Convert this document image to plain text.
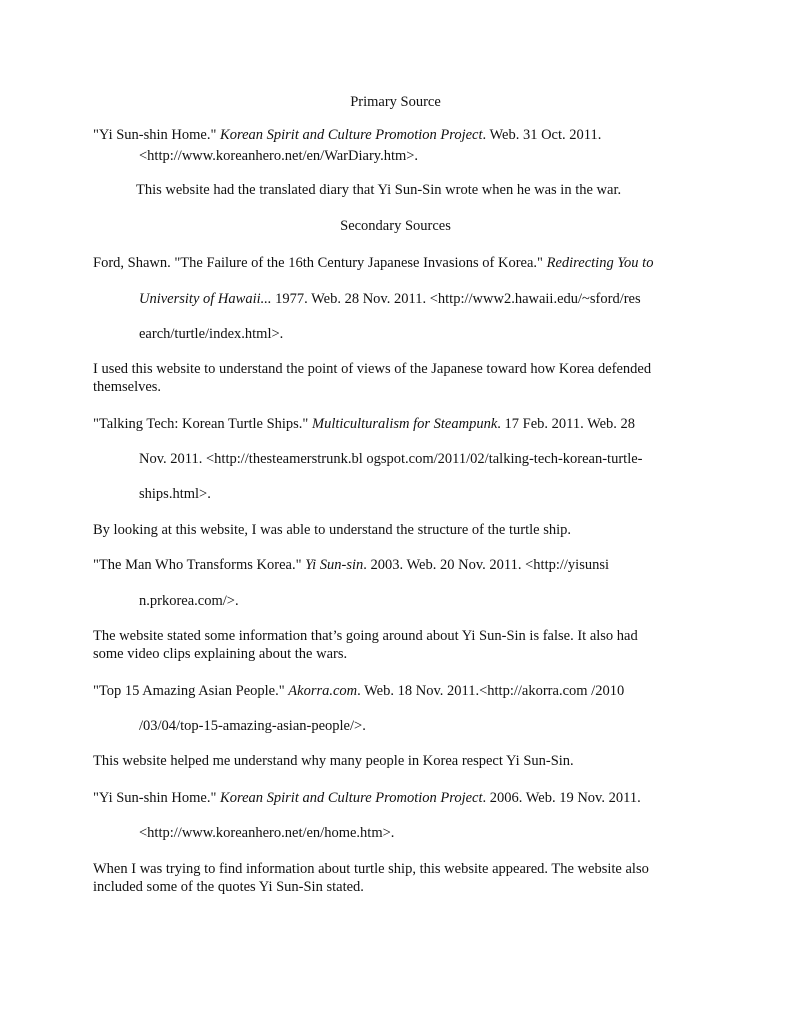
Primary Source
"Yi Sun-shin Home." Korean Spirit and Culture Promotion Project. Web. 31 Oct. 2011.
<http://www.koreanhero.net/en/WarDiary.htm>.
This website had the translated diary that Yi Sun-Sin wrote when he was in the war.
Secondary Sources
Ford, Shawn. "The Failure of the 16th Century Japanese Invasions of Korea." Redirecting You to
University of Hawaii... 1977. Web. 28 Nov. 2011. <http://www2.hawaii.edu/~sford/res
earch/turtle/index.html>.
I used this website to understand the point of views of the Japanese toward how Korea defended
themselves.
"Talking Tech: Korean Turtle Ships." Multiculturalism for Steampunk. 17 Feb. 2011. Web. 28
Nov. 2011. <http://thesteamerstrunk.bl ogspot.com/2011/02/talking-tech-korean-turtle-
ships.html>.
By looking at this website, I was able to understand the structure of the turtle ship.
"The Man Who Transforms Korea." Yi Sun-sin. 2003. Web. 20 Nov. 2011. <http://yisunsi
n.prkorea.com/>.
The website stated some information that’s going around about Yi Sun-Sin is false. It also had
some video clips explaining about the wars.
"Top 15 Amazing Asian People." Akorra.com. Web. 18 Nov. 2011.<http://akorra.com /2010
/03/04/top-15-amazing-asian-people/>.
This website helped me understand why many people in Korea respect Yi Sun-Sin.
"Yi Sun-shin Home." Korean Spirit and Culture Promotion Project. 2006. Web. 19 Nov. 2011.
<http://www.koreanhero.net/en/home.htm>.
When I was trying to find information about turtle ship, this website appeared. The website also
included some of the quotes Yi Sun-Sin stated.
